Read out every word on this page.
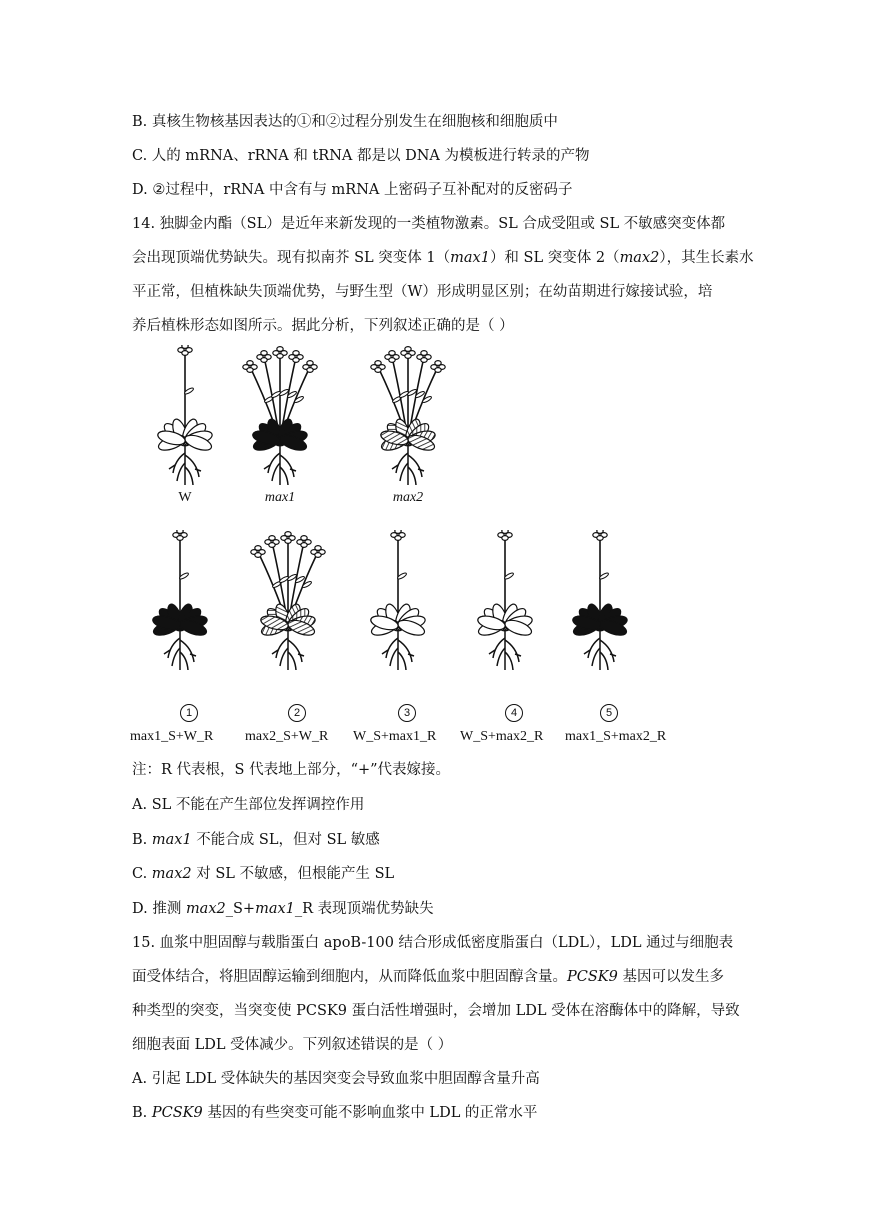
B. 真核生物核基因表达的①和②过程分别发生在细胞核和细胞质中
C. 人的 mRNA、rRNA 和 tRNA 都是以 DNA 为模板进行转录的产物
D. ②过程中，rRNA 中含有与 mRNA 上密码子互补配对的反密码子
14. 独脚金内酯（SL）是近年来新发现的一类植物激素。SL 合成受阻或 SL 不敏感突变体都
会出现顶端优势缺失。现有拟南芥 SL 突变体 1（max1）和 SL 突变体 2（max2），其生长素水
平正常，但植株缺失顶端优势，与野生型（W）形成明显区别；在幼苗期进行嫁接试验，培
养后植株形态如图所示。据此分析，下列叙述正确的是（ ）
W	max1	max2
1
max1_S+W_R
2
max2_S+W_R
3
W_S+max1_R
4
W_S+max2_R
5
max1_S+max2_R
注：R 代表根，S 代表地上部分，“+”代表嫁接。
A. SL 不能在产生部位发挥调控作用
B. max1 不能合成 SL，但对 SL 敏感
C. max2 对 SL 不敏感，但根能产生 SL
D. 推测 max2_S+max1_R 表现顶端优势缺失
15. 血浆中胆固醇与载脂蛋白 apoB-100 结合形成低密度脂蛋白（LDL），LDL 通过与细胞表
面受体结合，将胆固醇运输到细胞内，从而降低血浆中胆固醇含量。PCSK9 基因可以发生多
种类型的突变，当突变使 PCSK9 蛋白活性增强时，会增加 LDL 受体在溶酶体中的降解，导致
细胞表面 LDL 受体减少。下列叙述错误的是（ ）
A. 引起 LDL 受体缺失的基因突变会导致血浆中胆固醇含量升高
B. PCSK9 基因的有些突变可能不影响血浆中 LDL 的正常水平
